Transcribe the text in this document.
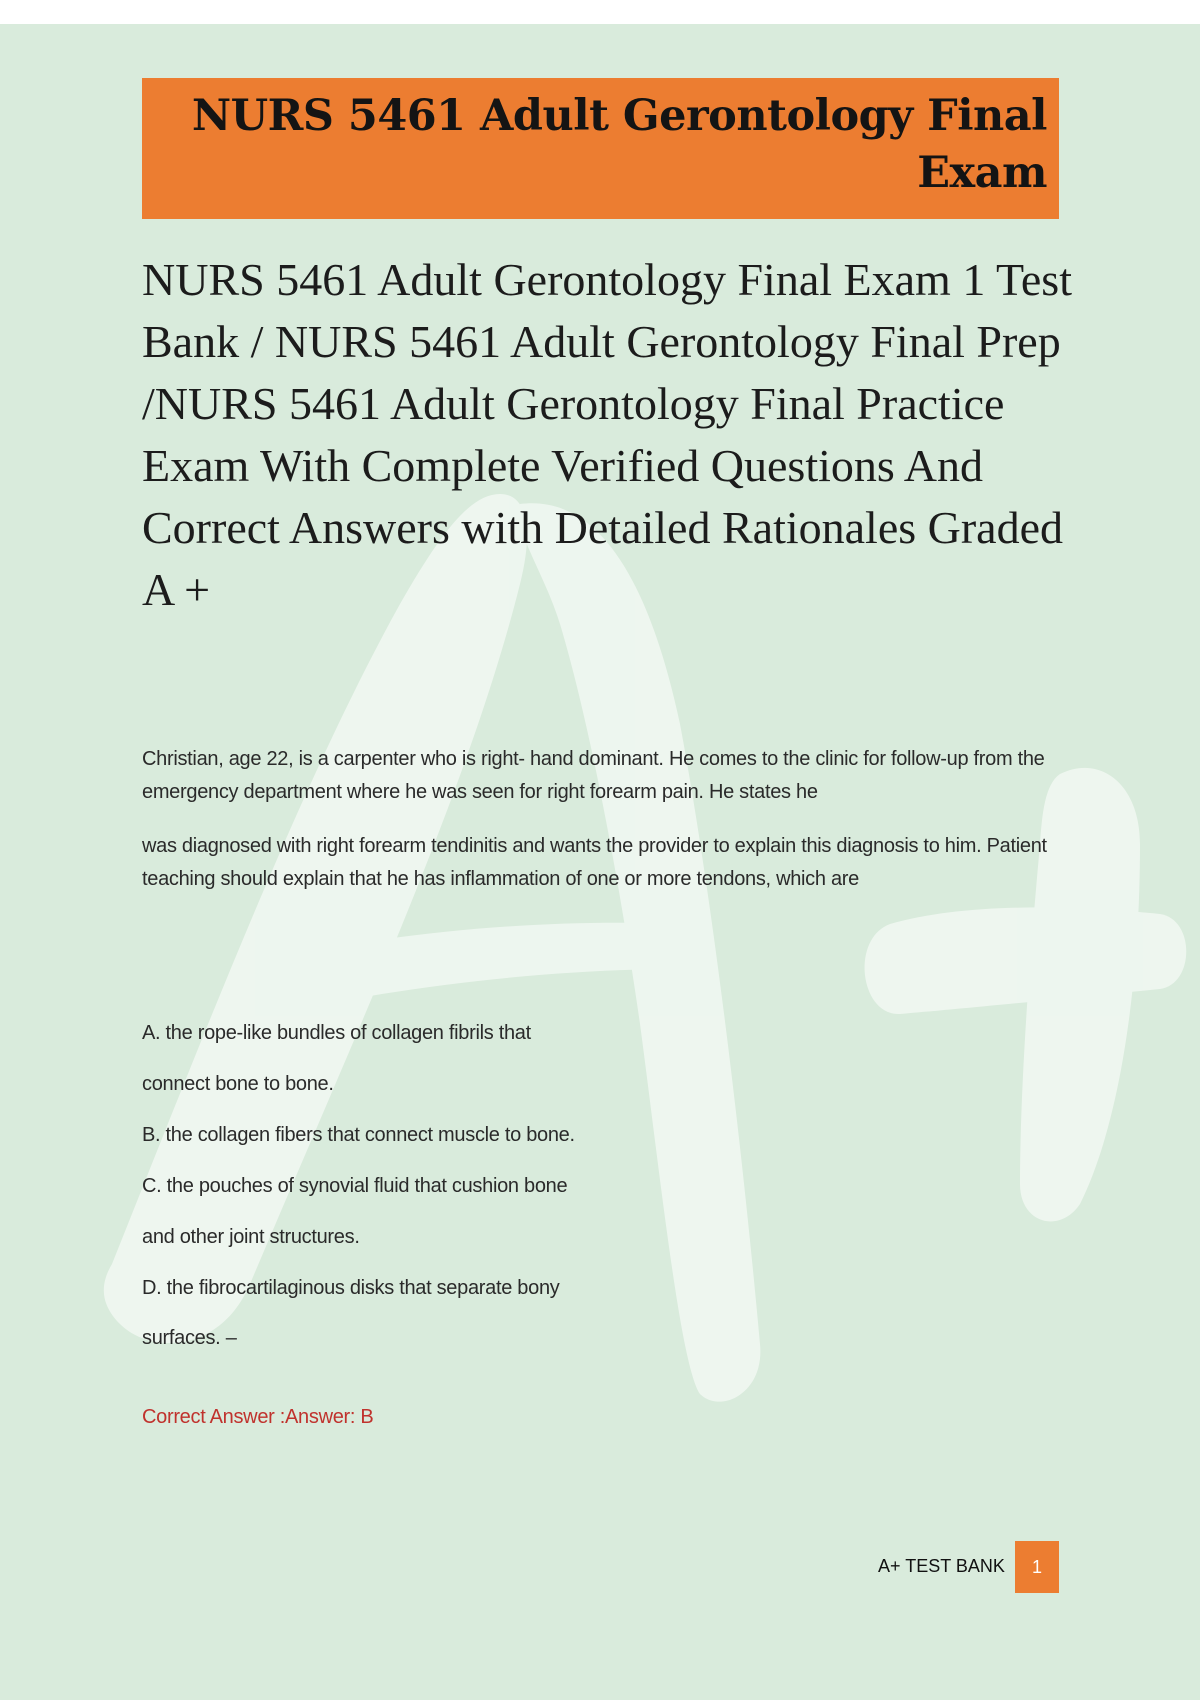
NURS 5461 Adult Gerontology Final Exam
NURS 5461 Adult Gerontology Final Exam 1 Test Bank / NURS 5461 Adult Gerontology Final Prep /NURS 5461 Adult Gerontology Final Practice Exam With Complete Verified Questions And Correct Answers with Detailed Rationales Graded A +
Christian, age 22, is a carpenter who is right- hand dominant. He comes to the clinic for follow-up from the emergency department where he was seen for right forearm pain. He states he
was diagnosed with right forearm tendinitis and wants the provider to explain this diagnosis to him. Patient teaching should explain that he has inflammation of one or more tendons, which are
A. the rope-like bundles of collagen fibrils that
connect bone to bone.
B. the collagen fibers that connect muscle to bone.
C. the pouches of synovial fluid that cushion bone
and other joint structures.
D. the fibrocartilaginous disks that separate bony
surfaces. –
Correct Answer :Answer: B
A+ TEST BANK	1
